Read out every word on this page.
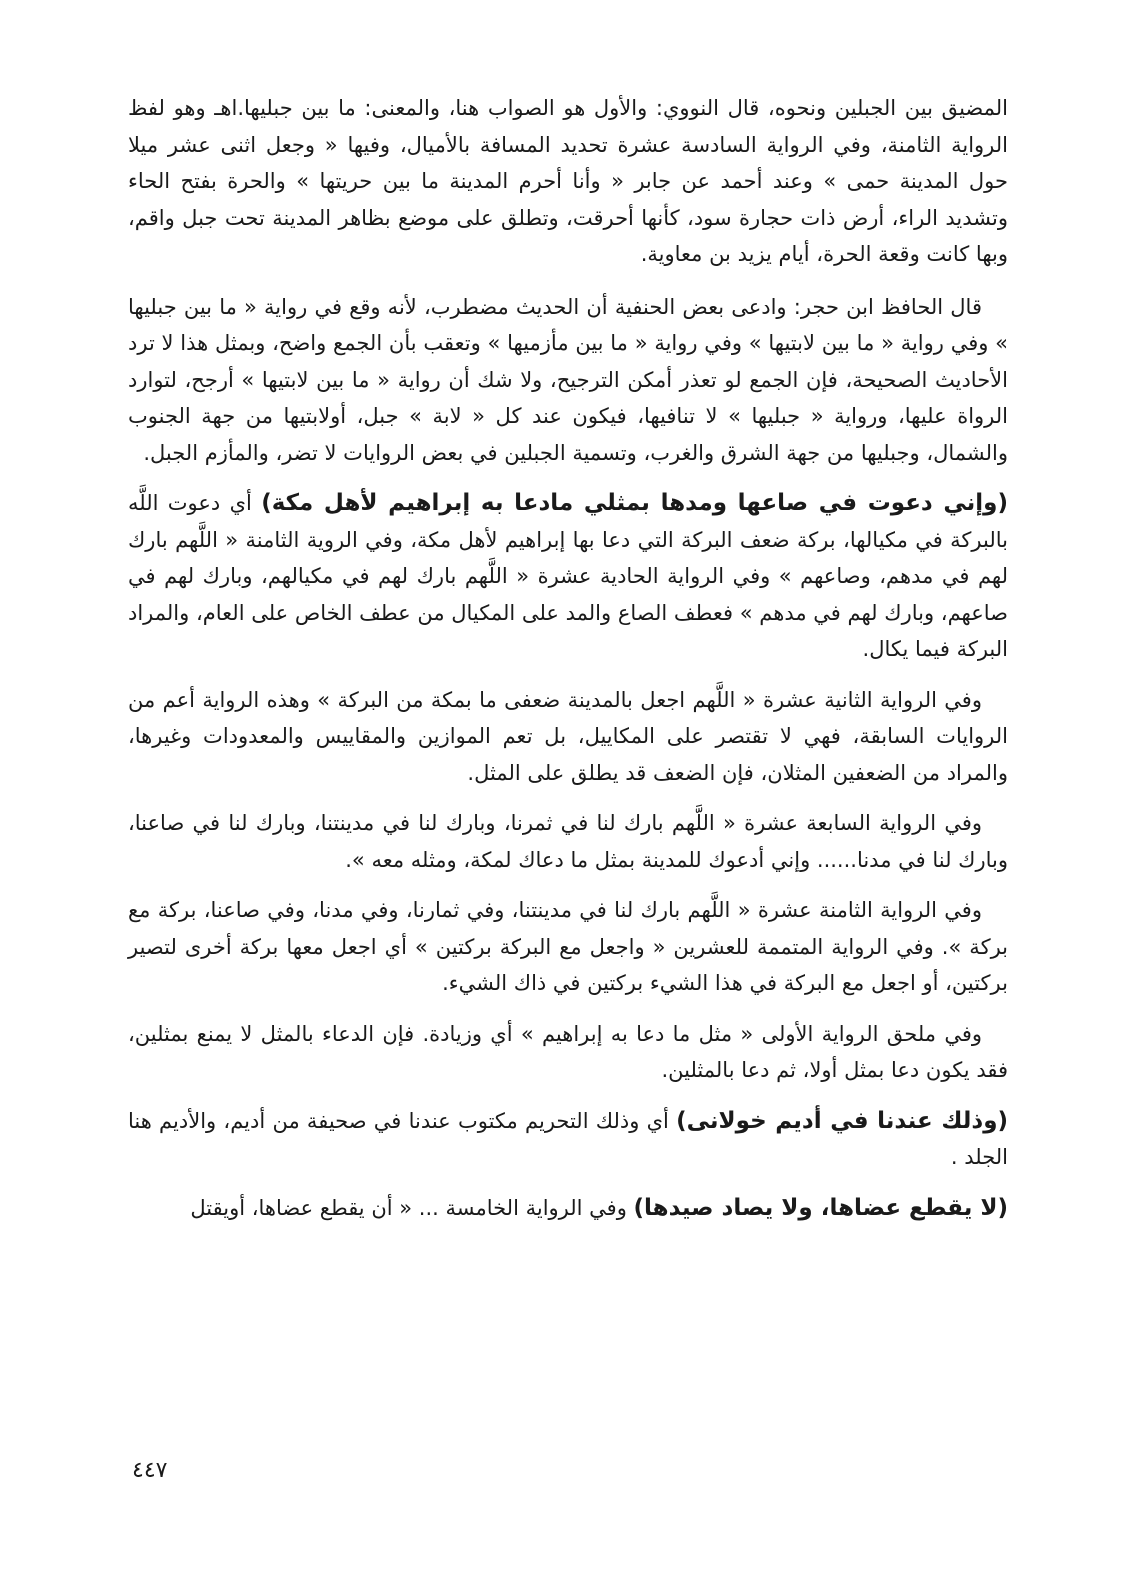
المضيق بين الجبلين ونحوه، قال النووي: والأول هو الصواب هنا، والمعنى: ما بين جبليها.اهـ وهو لفظ الرواية الثامنة، وفي الرواية السادسة عشرة تحديد المسافة بالأميال، وفيها « وجعل اثنى عشر ميلا حول المدينة حمى » وعند أحمد عن جابر « وأنا أحرم المدينة ما بين حريتها » والحرة بفتح الحاء وتشديد الراء، أرض ذات حجارة سود، كأنها أحرقت، وتطلق على موضع بظاهر المدينة تحت جبل واقم، وبها كانت وقعة الحرة، أيام يزيد بن معاوية.

قال الحافظ ابن حجر: وادعى بعض الحنفية أن الحديث مضطرب، لأنه وقع في رواية « ما بين جبليها » وفي رواية « ما بين لابتيها » وفي رواية « ما بين مأزميها » وتعقب بأن الجمع واضح، وبمثل هذا لا ترد الأحاديث الصحيحة، فإن الجمع لو تعذر أمكن الترجيح، ولا شك أن رواية « ما بين لابتيها » أرجح، لتوارد الرواة عليها، ورواية « جبليها » لا تنافيها، فيكون عند كل « لابة » جبل، أولابتيها من جهة الجنوب والشمال، وجبليها من جهة الشرق والغرب، وتسمية الجبلين في بعض الروايات لا تضر، والمأزم الجبل.

(وإني دعوت في صاعها ومدها بمثلي مادعا به إبراهيم لأهل مكة) أي دعوت اللَّه بالبركة في مكيالها، بركة ضعف البركة التي دعا بها إبراهيم لأهل مكة، وفي الروية الثامنة « اللَّهم بارك لهم في مدهم، وصاعهم » وفي الرواية الحادية عشرة « اللَّهم بارك لهم في مكيالهم، وبارك لهم في صاعهم، وبارك لهم في مدهم » فعطف الصاع والمد على المكيال من عطف الخاص على العام، والمراد البركة فيما يكال.

وفي الرواية الثانية عشرة « اللَّهم اجعل بالمدينة ضعفى ما بمكة من البركة » وهذه الرواية أعم من الروايات السابقة، فهي لا تقتصر على المكاييل، بل تعم الموازين والمقاييس والمعدودات وغيرها، والمراد من الضعفين المثلان، فإن الضعف قد يطلق على المثل.

وفي الرواية السابعة عشرة « اللَّهم بارك لنا في ثمرنا، وبارك لنا في مدينتنا، وبارك لنا في صاعنا، وبارك لنا في مدنا...... وإني أدعوك للمدينة بمثل ما دعاك لمكة، ومثله معه ».

وفي الرواية الثامنة عشرة « اللَّهم بارك لنا في مدينتنا، وفي ثمارنا، وفي مدنا، وفي صاعنا، بركة مع بركة ». وفي الرواية المتممة للعشرين « واجعل مع البركة بركتين » أي اجعل معها بركة أخرى لتصير بركتين، أو اجعل مع البركة في هذا الشيء بركتين في ذاك الشيء.

وفي ملحق الرواية الأولى « مثل ما دعا به إبراهيم » أي وزيادة. فإن الدعاء بالمثل لا يمنع بمثلين، فقد يكون دعا بمثل أولا، ثم دعا بالمثلين.

(وذلك عندنا في أديم خولانى) أي وذلك التحريم مكتوب عندنا في صحيفة من أديم، والأديم هنا الجلد .

(لا يقطع عضاها، ولا يصاد صيدها) وفي الرواية الخامسة ... « أن يقطع عضاها، أويقتل

٤٤٧
